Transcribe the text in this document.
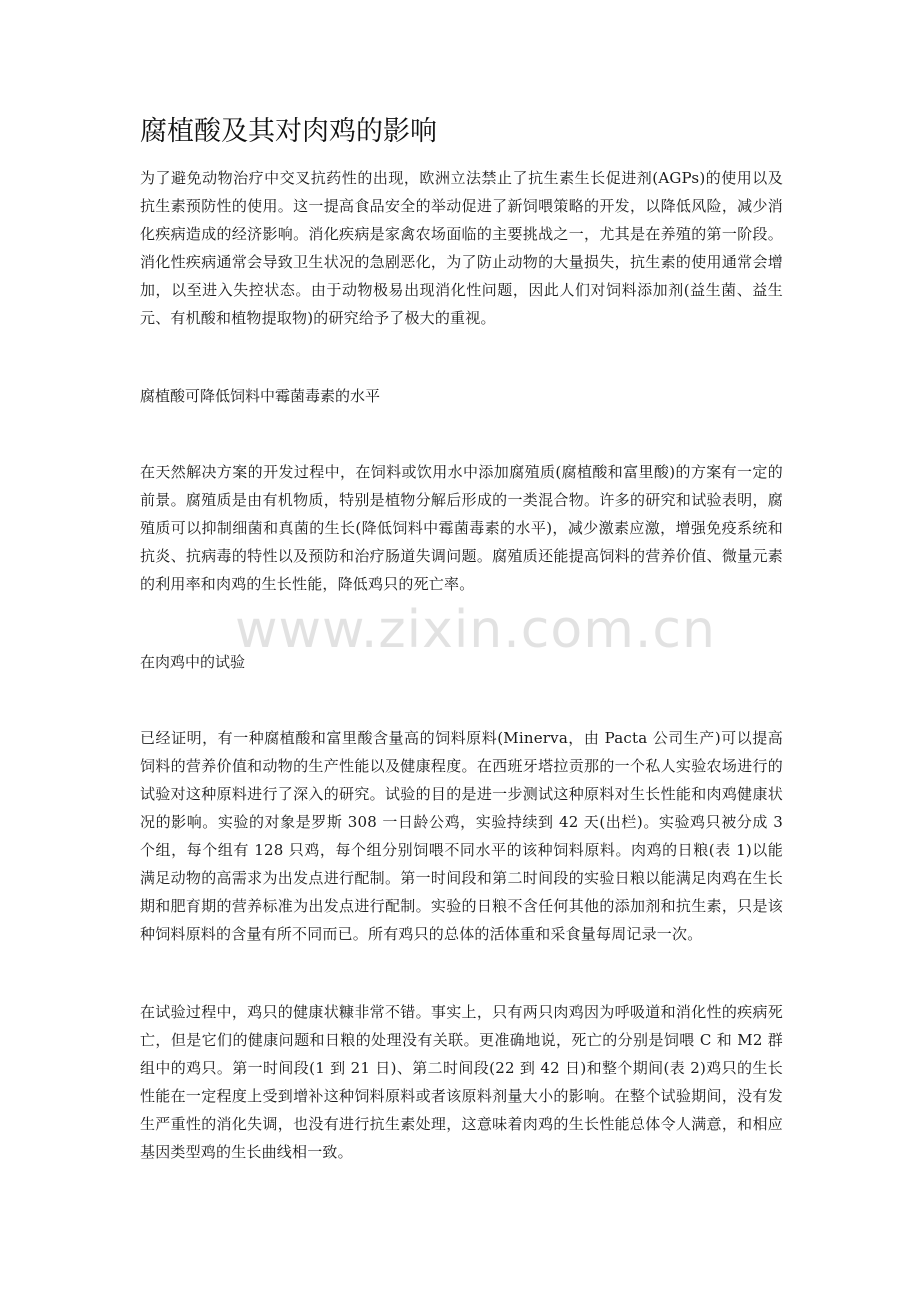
腐植酸及其对肉鸡的影响

为了避免动物治疗中交叉抗药性的出现，欧洲立法禁止了抗生素生长促进剂(AGPs)的使用以及抗生素预防性的使用。这一提高食品安全的举动促进了新饲喂策略的开发，以降低风险，减少消化疾病造成的经济影响。消化疾病是家禽农场面临的主要挑战之一，尤其是在养殖的第一阶段。消化性疾病通常会导致卫生状况的急剧恶化，为了防止动物的大量损失，抗生素的使用通常会增加，以至进入失控状态。由于动物极易出现消化性问题，因此人们对饲料添加剂(益生菌、益生元、有机酸和植物提取物)的研究给予了极大的重视。

腐植酸可降低饲料中霉菌毒素的水平

在天然解决方案的开发过程中，在饲料或饮用水中添加腐殖质(腐植酸和富里酸)的方案有一定的前景。腐殖质是由有机物质，特别是植物分解后形成的一类混合物。许多的研究和试验表明，腐殖质可以抑制细菌和真菌的生长(降低饲料中霉菌毒素的水平)，减少激素应激，增强免疫系统和抗炎、抗病毒的特性以及预防和治疗肠道失调问题。腐殖质还能提高饲料的营养价值、微量元素的利用率和肉鸡的生长性能，降低鸡只的死亡率。

在肉鸡中的试验

已经证明，有一种腐植酸和富里酸含量高的饲料原料(Minerva，由 Pacta 公司生产)可以提高饲料的营养价值和动物的生产性能以及健康程度。在西班牙塔拉贡那的一个私人实验农场进行的试验对这种原料进行了深入的研究。试验的目的是进一步测试这种原料对生长性能和肉鸡健康状况的影响。实验的对象是罗斯 308 一日龄公鸡，实验持续到 42 天(出栏)。实验鸡只被分成 3 个组，每个组有 128 只鸡，每个组分别饲喂不同水平的该种饲料原料。肉鸡的日粮(表 1)以能满足动物的高需求为出发点进行配制。第一时间段和第二时间段的实验日粮以能满足肉鸡在生长期和肥育期的营养标准为出发点进行配制。实验的日粮不含任何其他的添加剂和抗生素，只是该种饲料原料的含量有所不同而已。所有鸡只的总体的活体重和采食量每周记录一次。

在试验过程中，鸡只的健康状糠非常不错。事实上，只有两只肉鸡因为呼吸道和消化性的疾病死亡，但是它们的健康问题和日粮的处理没有关联。更准确地说，死亡的分别是饲喂 C 和 M2 群组中的鸡只。第一时间段(1 到 21 日)、第二时间段(22 到 42 日)和整个期间(表 2)鸡只的生长性能在一定程度上受到增补这种饲料原料或者该原料剂量大小的影响。在整个试验期间，没有发生严重性的消化失调，也没有进行抗生素处理，这意味着肉鸡的生长性能总体令人满意，和相应基因类型鸡的生长曲线相一致。

www.zixin.com.cn
